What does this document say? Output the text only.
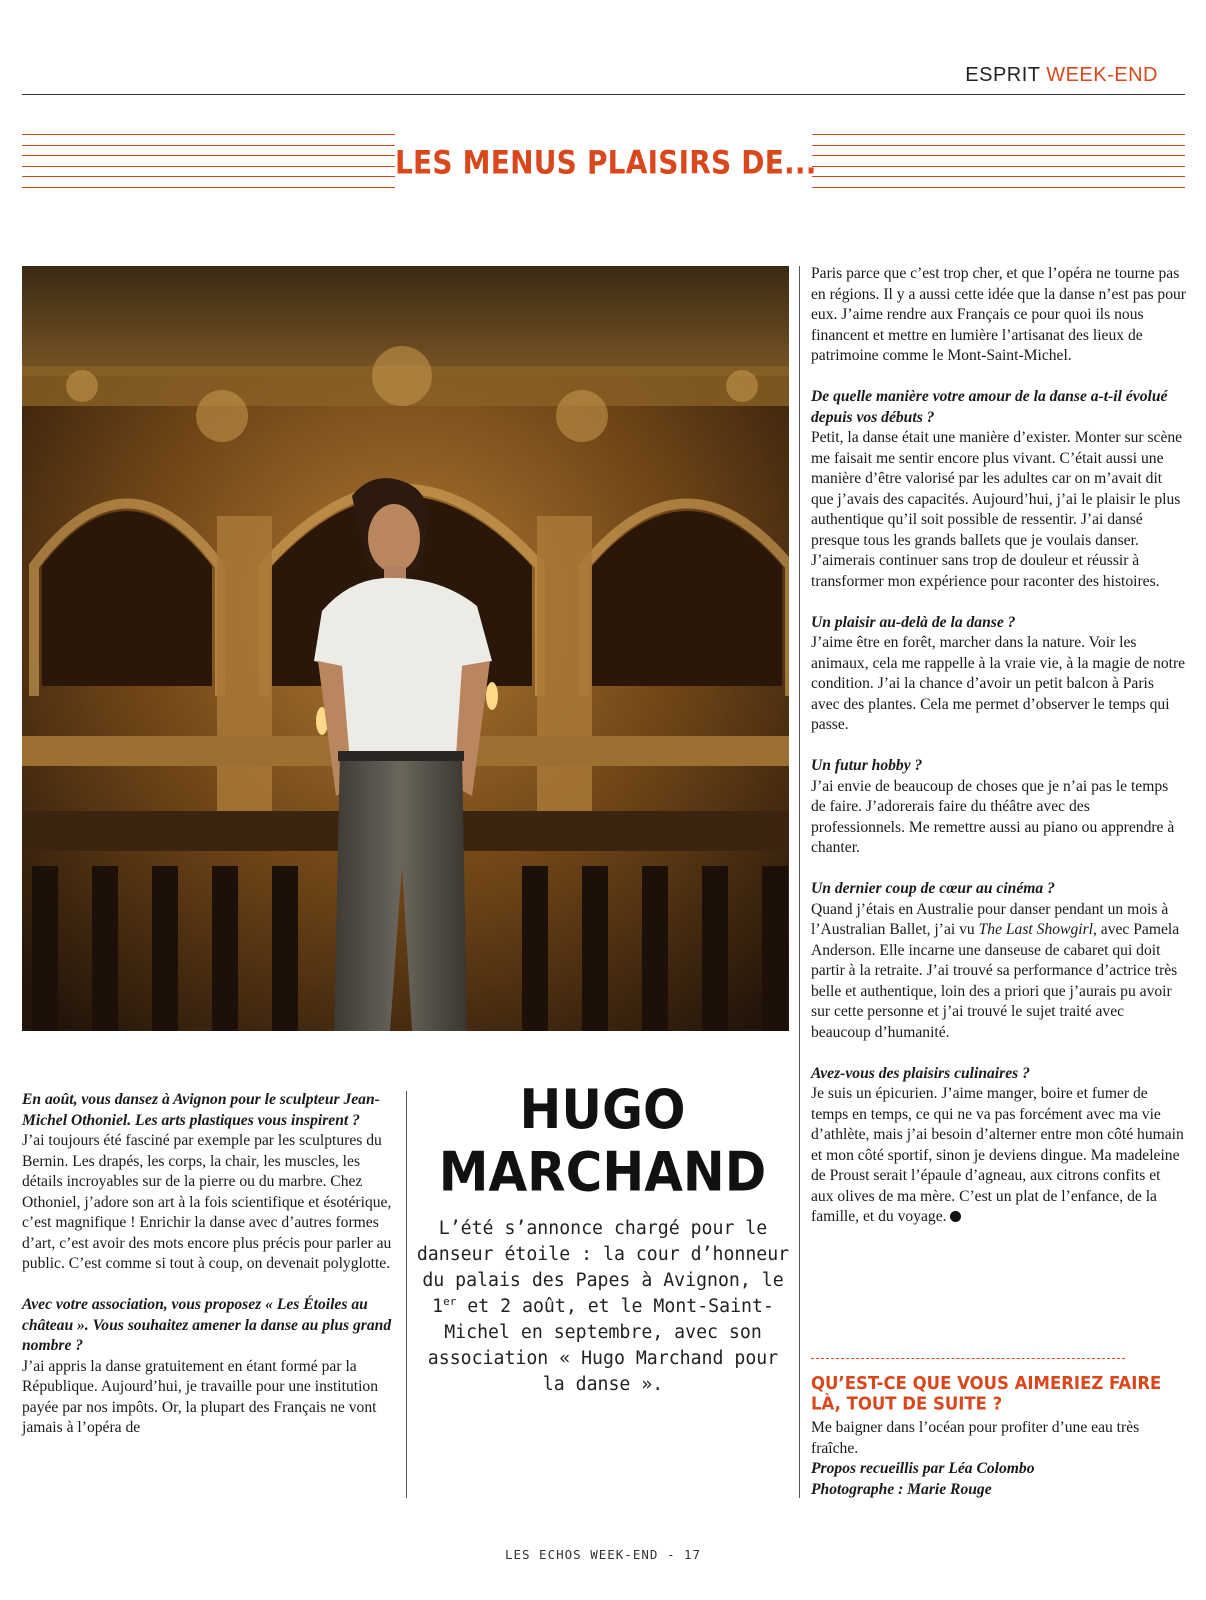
ESPRIT WEEK-END
LES MENUS PLAISIRS DE...

En août, vous dansez à Avignon pour le sculpteur Jean-Michel Othoniel. Les arts plastiques vous inspirent ?
J’ai toujours été fasciné par exemple par les sculptures du Bernin. Les drapés, les corps, la chair, les muscles, les détails incroyables sur de la pierre ou du marbre. Chez Othoniel, j’adore son art à la fois scientifique et ésotérique, c’est magnifique ! Enrichir la danse avec d’autres formes d’art, c’est avoir des mots encore plus précis pour parler au public. C’est comme si tout à coup, on devenait polyglotte.

Avec votre association, vous proposez « Les Étoiles au château ». Vous souhaitez amener la danse au plus grand nombre ?
J’ai appris la danse gratuitement en étant formé par la République. Aujourd’hui, je travaille pour une institution payée par nos impôts. Or, la plupart des Français ne vont jamais à l’opéra de

HUGO
MARCHAND
L’été s’annonce chargé pour le danseur étoile : la cour d’honneur du palais des Papes à Avignon, le 1er et 2 août, et le Mont-Saint-Michel en septembre, avec son association « Hugo Marchand pour la danse ».

Paris parce que c’est trop cher, et que l’opéra ne tourne pas en régions. Il y a aussi cette idée que la danse n’est pas pour eux. J’aime rendre aux Français ce pour quoi ils nous financent et mettre en lumière l’artisanat des lieux de patrimoine comme le Mont-Saint-Michel.

De quelle manière votre amour de la danse a-t-il évolué depuis vos débuts ?
Petit, la danse était une manière d’exister. Monter sur scène me faisait me sentir encore plus vivant. C’était aussi une manière d’être valorisé par les adultes car on m’avait dit que j’avais des capacités. Aujourd’hui, j’ai le plaisir le plus authentique qu’il soit possible de ressentir. J’ai dansé presque tous les grands ballets que je voulais danser. J’aimerais continuer sans trop de douleur et réussir à transformer mon expérience pour raconter des histoires.

Un plaisir au-delà de la danse ?
J’aime être en forêt, marcher dans la nature. Voir les animaux, cela me rappelle à la vraie vie, à la magie de notre condition. J’ai la chance d’avoir un petit balcon à Paris avec des plantes. Cela me permet d’observer le temps qui passe.

Un futur hobby ?
J’ai envie de beaucoup de choses que je n’ai pas le temps de faire. J’adorerais faire du théâtre avec des professionnels. Me remettre aussi au piano ou apprendre à chanter.

Un dernier coup de cœur au cinéma ?
Quand j’étais en Australie pour danser pendant un mois à l’Australian Ballet, j’ai vu The Last Showgirl, avec Pamela Anderson. Elle incarne une danseuse de cabaret qui doit partir à la retraite. J’ai trouvé sa performance d’actrice très belle et authentique, loin des a priori que j’aurais pu avoir sur cette personne et j’ai trouvé le sujet traité avec beaucoup d’humanité.

Avez-vous des plaisirs culinaires ?
Je suis un épicurien. J’aime manger, boire et fumer de temps en temps, ce qui ne va pas forcément avec ma vie d’athlète, mais j’ai besoin d’alterner entre mon côté humain et mon côté sportif, sinon je deviens dingue. Ma madeleine de Proust serait l’épaule d’agneau, aux citrons confits et aux olives de ma mère. C’est un plat de l’enfance, de la famille, et du voyage.

QU’EST-CE QUE VOUS AIMERIEZ FAIRE LÀ, TOUT DE SUITE ?
Me baigner dans l’océan pour profiter d’une eau très fraîche.
Propos recueillis par Léa Colombo
Photographe : Marie Rouge
LES ECHOS WEEK-END - 17
